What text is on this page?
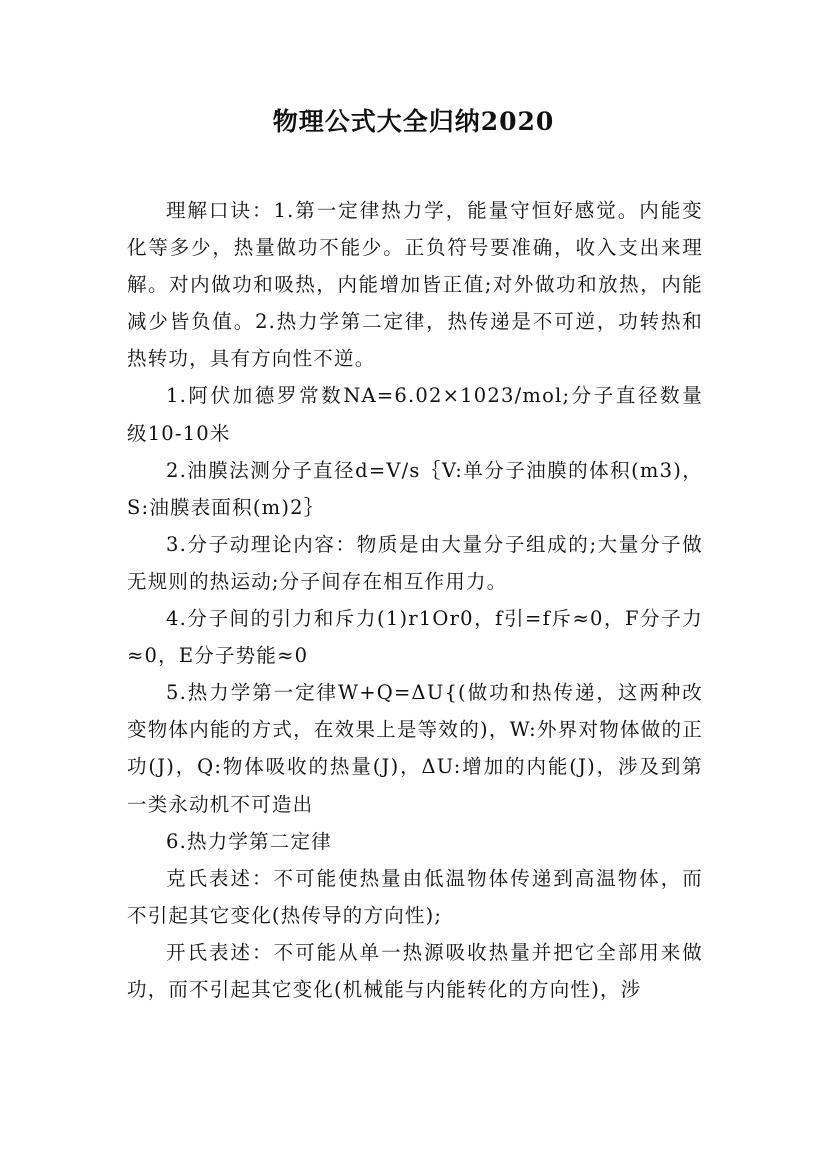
物理公式大全归纳2020

理解口诀：1.第一定律热力学，能量守恒好感觉。内能变化等多少，热量做功不能少。正负符号要准确，收入支出来理解。对内做功和吸热，内能增加皆正值;对外做功和放热，内能减少皆负值。2.热力学第二定律，热传递是不可逆，功转热和热转功，具有方向性不逆。

1.阿伏加德罗常数NA=6.02×1023/mol;分子直径数量级10-10米

2.油膜法测分子直径d=V/s｛V:单分子油膜的体积(m3)，S:油膜表面积(m)2｝

3.分子动理论内容：物质是由大量分子组成的;大量分子做无规则的热运动;分子间存在相互作用力。

4.分子间的引力和斥力(1)r1Or0，f引=f斥≈0，F分子力≈0，E分子势能≈0

5.热力学第一定律W+Q=ΔU{(做功和热传递，这两种改变物体内能的方式，在效果上是等效的)，W:外界对物体做的正功(J)，Q:物体吸收的热量(J)，ΔU:增加的内能(J)，涉及到第一类永动机不可造出

6.热力学第二定律

克氏表述：不可能使热量由低温物体传递到高温物体，而不引起其它变化(热传导的方向性);

开氏表述：不可能从单一热源吸收热量并把它全部用来做功，而不引起其它变化(机械能与内能转化的方向性)，涉
